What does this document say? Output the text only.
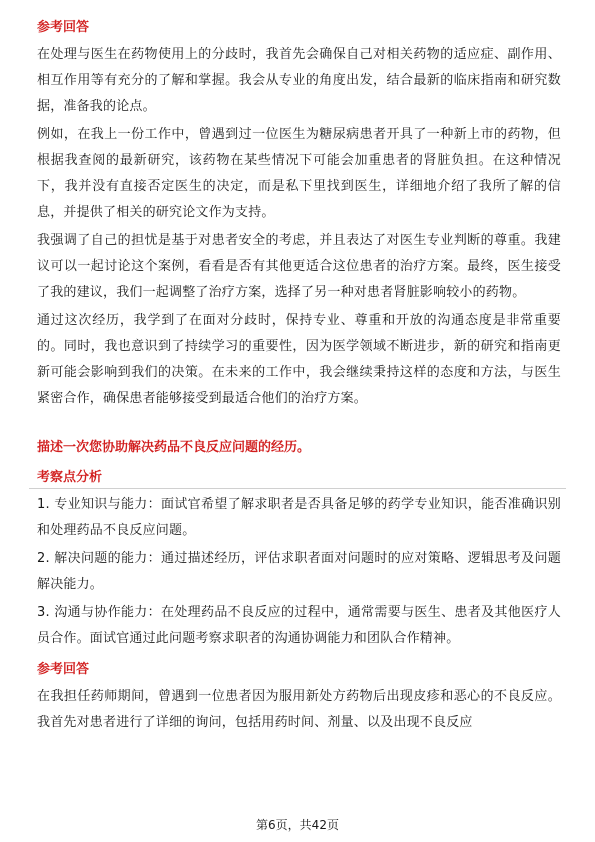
参考回答

在处理与医生在药物使用上的分歧时，我首先会确保自己对相关药物的适应症、副作用、相互作用等有充分的了解和掌握。我会从专业的角度出发，结合最新的临床指南和研究数据，准备我的论点。

例如，在我上一份工作中，曾遇到过一位医生为糖尿病患者开具了一种新上市的药物，但根据我查阅的最新研究，该药物在某些情况下可能会加重患者的肾脏负担。在这种情况下，我并没有直接否定医生的决定，而是私下里找到医生，详细地介绍了我所了解的信息，并提供了相关的研究论文作为支持。

我强调了自己的担忧是基于对患者安全的考虑，并且表达了对医生专业判断的尊重。我建议可以一起讨论这个案例，看看是否有其他更适合这位患者的治疗方案。最终，医生接受了我的建议，我们一起调整了治疗方案，选择了另一种对患者肾脏影响较小的药物。

通过这次经历，我学到了在面对分歧时，保持专业、尊重和开放的沟通态度是非常重要的。同时，我也意识到了持续学习的重要性，因为医学领域不断进步，新的研究和指南更新可能会影响到我们的决策。在未来的工作中，我会继续秉持这样的态度和方法，与医生紧密合作，确保患者能够接受到最适合他们的治疗方案。

描述一次您协助解决药品不良反应问题的经历。
考察点分析

1. 专业知识与能力：面试官希望了解求职者是否具备足够的药学专业知识，能否准确识别和处理药品不良反应问题。

2. 解决问题的能力：通过描述经历，评估求职者面对问题时的应对策略、逻辑思考及问题解决能力。

3. 沟通与协作能力：在处理药品不良反应的过程中，通常需要与医生、患者及其他医疗人员合作。面试官通过此问题考察求职者的沟通协调能力和团队合作精神。

参考回答

在我担任药师期间，曾遇到一位患者因为服用新处方药物后出现皮疹和恶心的不良反应。我首先对患者进行了详细的询问，包括用药时间、剂量、以及出现不良反应

第6页，共42页
